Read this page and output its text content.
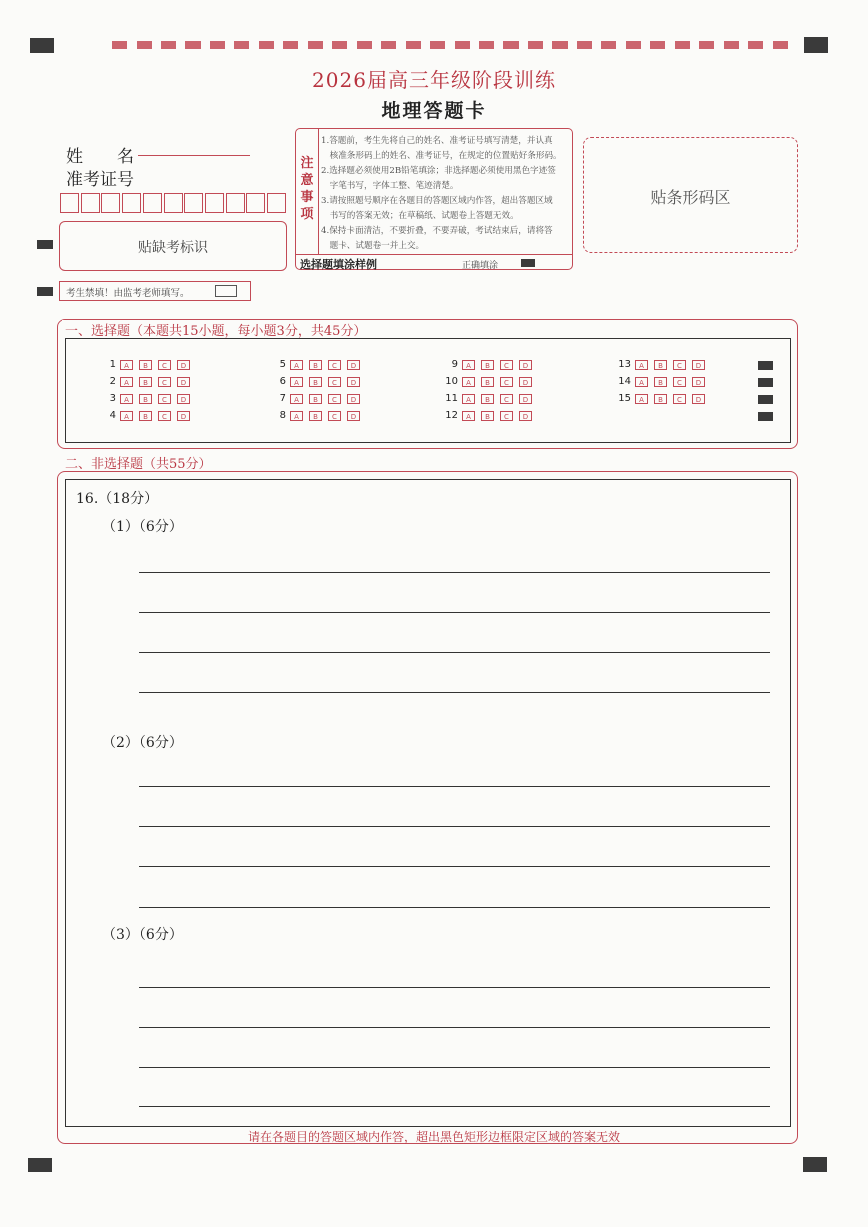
2026届高三年级阶段训练
地理答题卡
姓　　名
准考证号
贴缺考标识
注
意
事
项
1.答题前，考生先将自己的姓名、准考证号填写清楚，并认真
　核准条形码上的姓名、准考证号，在规定的位置贴好条形码。
2.选择题必须使用2B铅笔填涂；非选择题必须使用黑色字迹签
　字笔书写，字体工整、笔迹清楚。
3.请按照题号顺序在各题目的答题区域内作答，超出答题区域
　书写的答案无效；在草稿纸、试题卷上答题无效。
4.保持卡面清洁，不要折叠，不要弄破，考试结束后，请将答
　题卡、试题卷一并上交。
选择题填涂样例	正确填涂
贴条形码区
考生禁填！由监考老师填写。
一、选择题（本题共15小题，每小题3分，共45分）
1 A B C D
2 A B C D
3 A B C D
4 A B C D
5 A B C D
6 A B C D
7 A B C D
8 A B C D
9 A B C D
10 A B C D
11 A B C D
12 A B C D
13 A B C D
14 A B C D
15 A B C D
二、非选择题（共55分）
16.（18分）
（1）（6分）
（2）（6分）
（3）（6分）
请在各题目的答题区域内作答，超出黑色矩形边框限定区域的答案无效
